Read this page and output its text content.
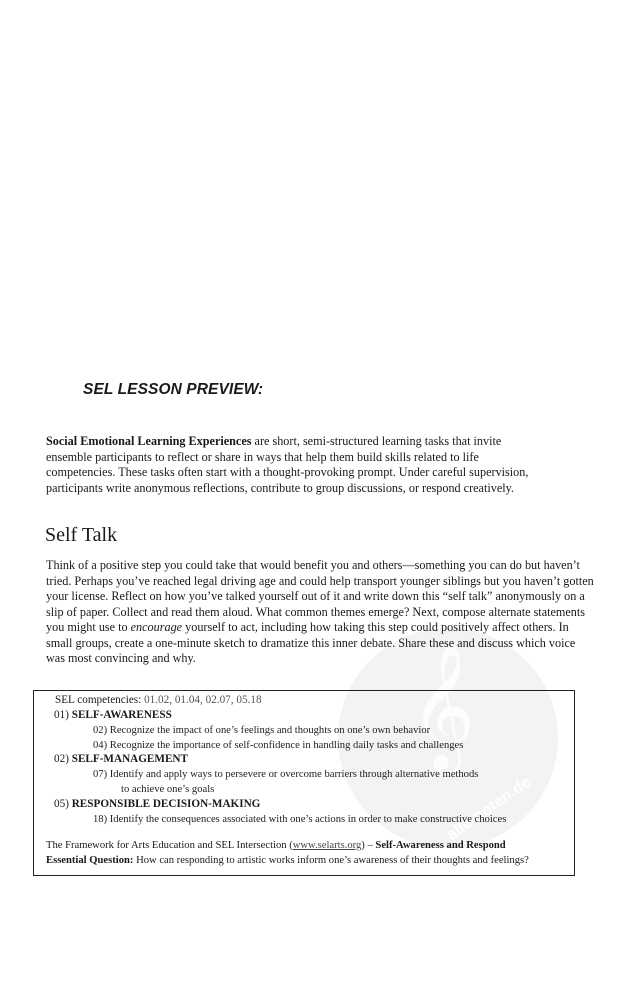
𝄞
alle-noten.de
SEL LESSON PREVIEW:

Social Emotional Learning Experiences are short, semi-structured learning tasks that invite ensemble participants to reflect or share in ways that help them build skills related to life competencies. These tasks often start with a thought-provoking prompt. Under careful supervision, participants write anonymous reflections, contribute to group discussions, or respond creatively.

Self Talk

Think of a positive step you could take that would benefit you and others—something you can do but haven’t tried. Perhaps you’ve reached legal driving age and could help transport younger siblings but you haven’t gotten your license. Reflect on how you’ve talked yourself out of it and write down this “self talk” anonymously on a slip of paper. Collect and read them aloud. What common themes emerge? Next, compose alternate statements you might use to encourage yourself to act, including how taking this step could positively affect others. In small groups, create a one-minute sketch to dramatize this inner debate. Share these and discuss which voice was most convincing and why.

SEL competencies: 01.02, 01.04, 02.07, 05.18
01) SELF-AWARENESS
02) Recognize the impact of one’s feelings and thoughts on one’s own behavior
04) Recognize the importance of self-confidence in handling daily tasks and challenges
02) SELF-MANAGEMENT
07) Identify and apply ways to persevere or overcome barriers through alternative methods
to achieve one’s goals
05) RESPONSIBLE DECISION-MAKING
18) Identify the consequences associated with one’s actions in order to make constructive choices
The Framework for Arts Education and SEL Intersection (www.selarts.org) – Self-Awareness and Respond
Essential Question: How can responding to artistic works inform one’s awareness of their thoughts and feelings?
